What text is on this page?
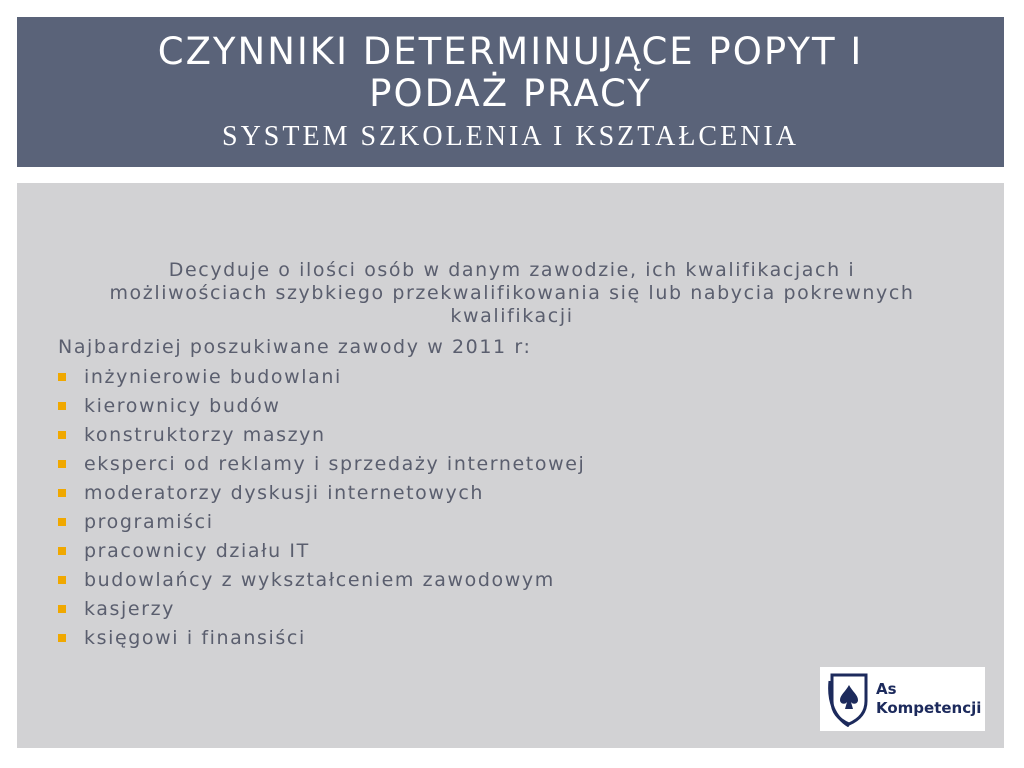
CZYNNIKI DETERMINUJĄCE POPYT I
PODAŻ PRACY
SYSTEM SZKOLENIA I KSZTAŁCENIA
Decyduje o ilości osób w danym zawodzie, ich kwalifikacjach i
możliwościach szybkiego przekwalifikowania się lub nabycia pokrewnych
kwalifikacji
Najbardziej poszukiwane zawody w 2011 r:
inżynierowie budowlani
kierownicy budów
konstruktorzy maszyn
eksperci od reklamy i sprzedaży internetowej
moderatorzy dyskusji internetowych
programiści
pracownicy działu IT
budowlańcy z wykształceniem zawodowym
kasjerzy
księgowi i finansiści
As
Kompetencji
